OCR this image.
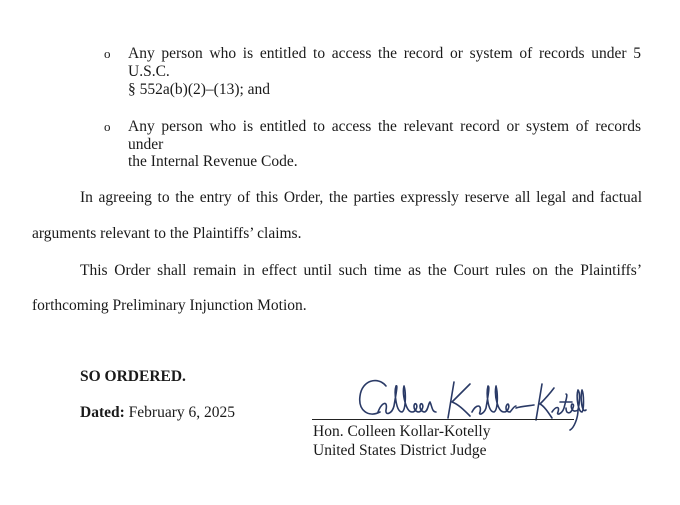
o	Any person who is entitled to access the record or system of records under 5 U.S.C.
§ 552a(b)(2)–(13); and
o	Any person who is entitled to access the relevant record or system of records under
the Internal Revenue Code.
In agreeing to the entry of this Order, the parties expressly reserve all legal and factual
arguments relevant to the Plaintiffs’ claims.
This Order shall remain in effect until such time as the Court rules on the Plaintiffs’
forthcoming Preliminary Injunction Motion.
SO ORDERED.
Dated: February 6, 2025
Hon. Colleen Kollar-Kotelly
United States District Judge
